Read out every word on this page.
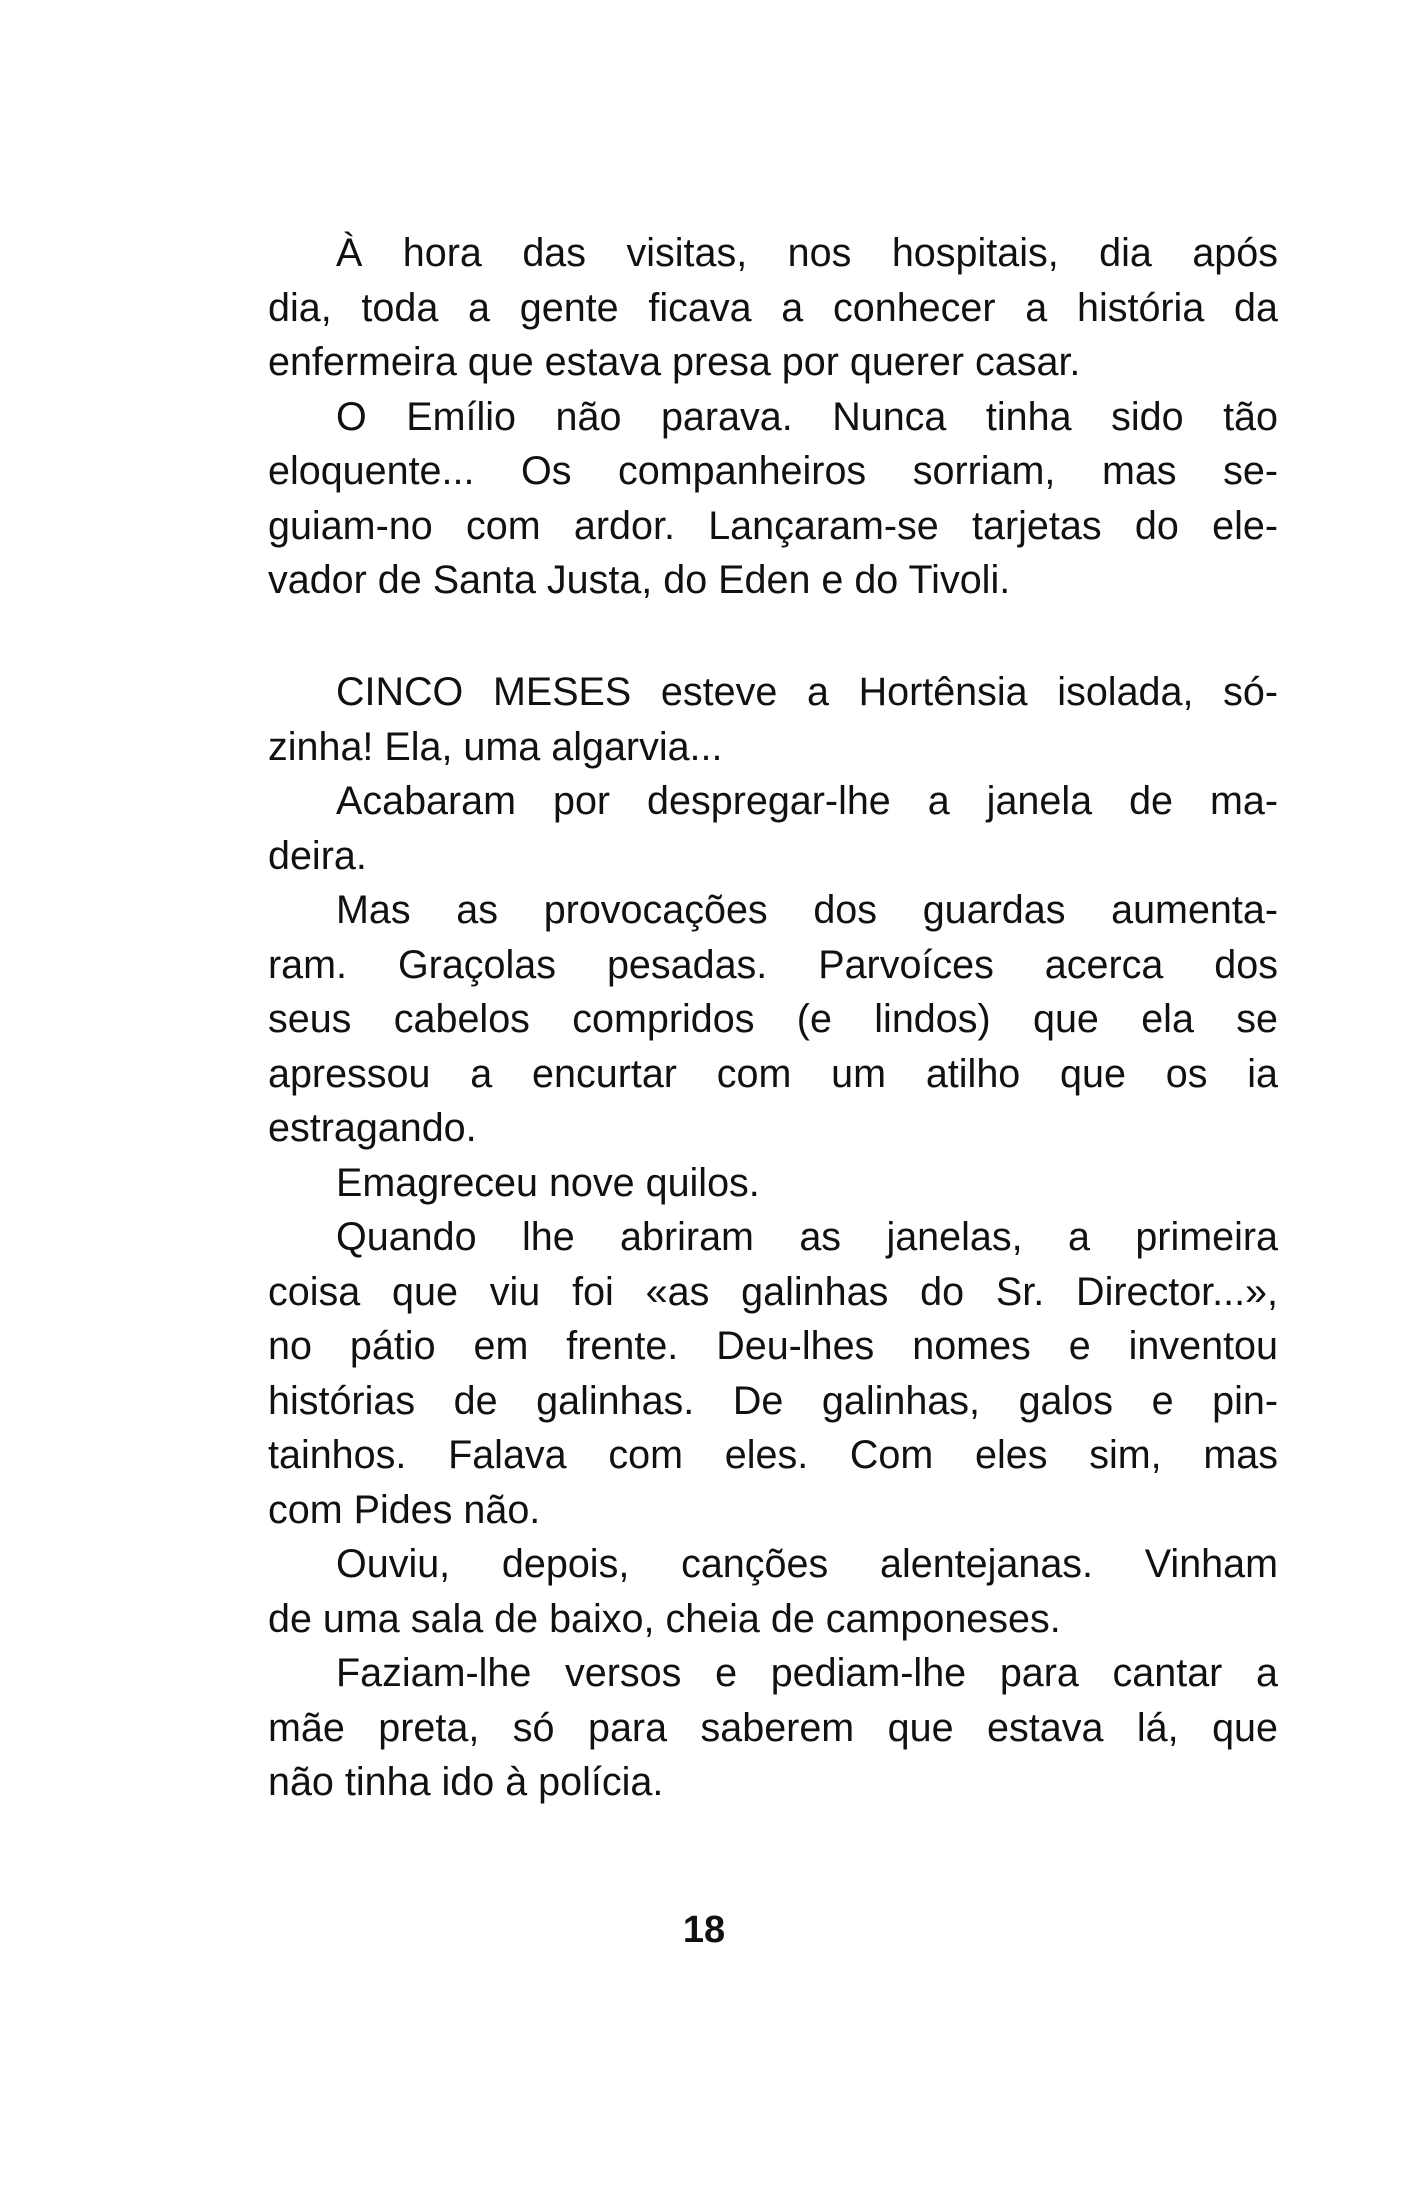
À hora das visitas, nos hospitais, dia após
dia, toda a gente ficava a conhecer a história da
enfermeira que estava presa por querer casar.
O Emílio não parava. Nunca tinha sido tão
eloquente... Os companheiros sorriam, mas se-
guiam-no com ardor. Lançaram-se tarjetas do ele-
vador de Santa Justa, do Eden e do Tivoli.
CINCO MESES esteve a Hortênsia isolada, só-
zinha! Ela, uma algarvia...
Acabaram por despregar-lhe a janela de ma-
deira.
Mas as provocações dos guardas aumenta-
ram. Graçolas pesadas. Parvoíces acerca dos
seus cabelos compridos (e lindos) que ela se
apressou a encurtar com um atilho que os ia
estragando.
Emagreceu nove quilos.
Quando lhe abriram as janelas, a primeira
coisa que viu foi «as galinhas do Sr. Director...»,
no pátio em frente. Deu-lhes nomes e inventou
histórias de galinhas. De galinhas, galos e pin-
tainhos. Falava com eles. Com eles sim, mas
com Pides não.
Ouviu, depois, canções alentejanas. Vinham
de uma sala de baixo, cheia de camponeses.
Faziam-lhe versos e pediam-lhe para cantar a
mãe preta, só para saberem que estava lá, que
não tinha ido à polícia.
18
